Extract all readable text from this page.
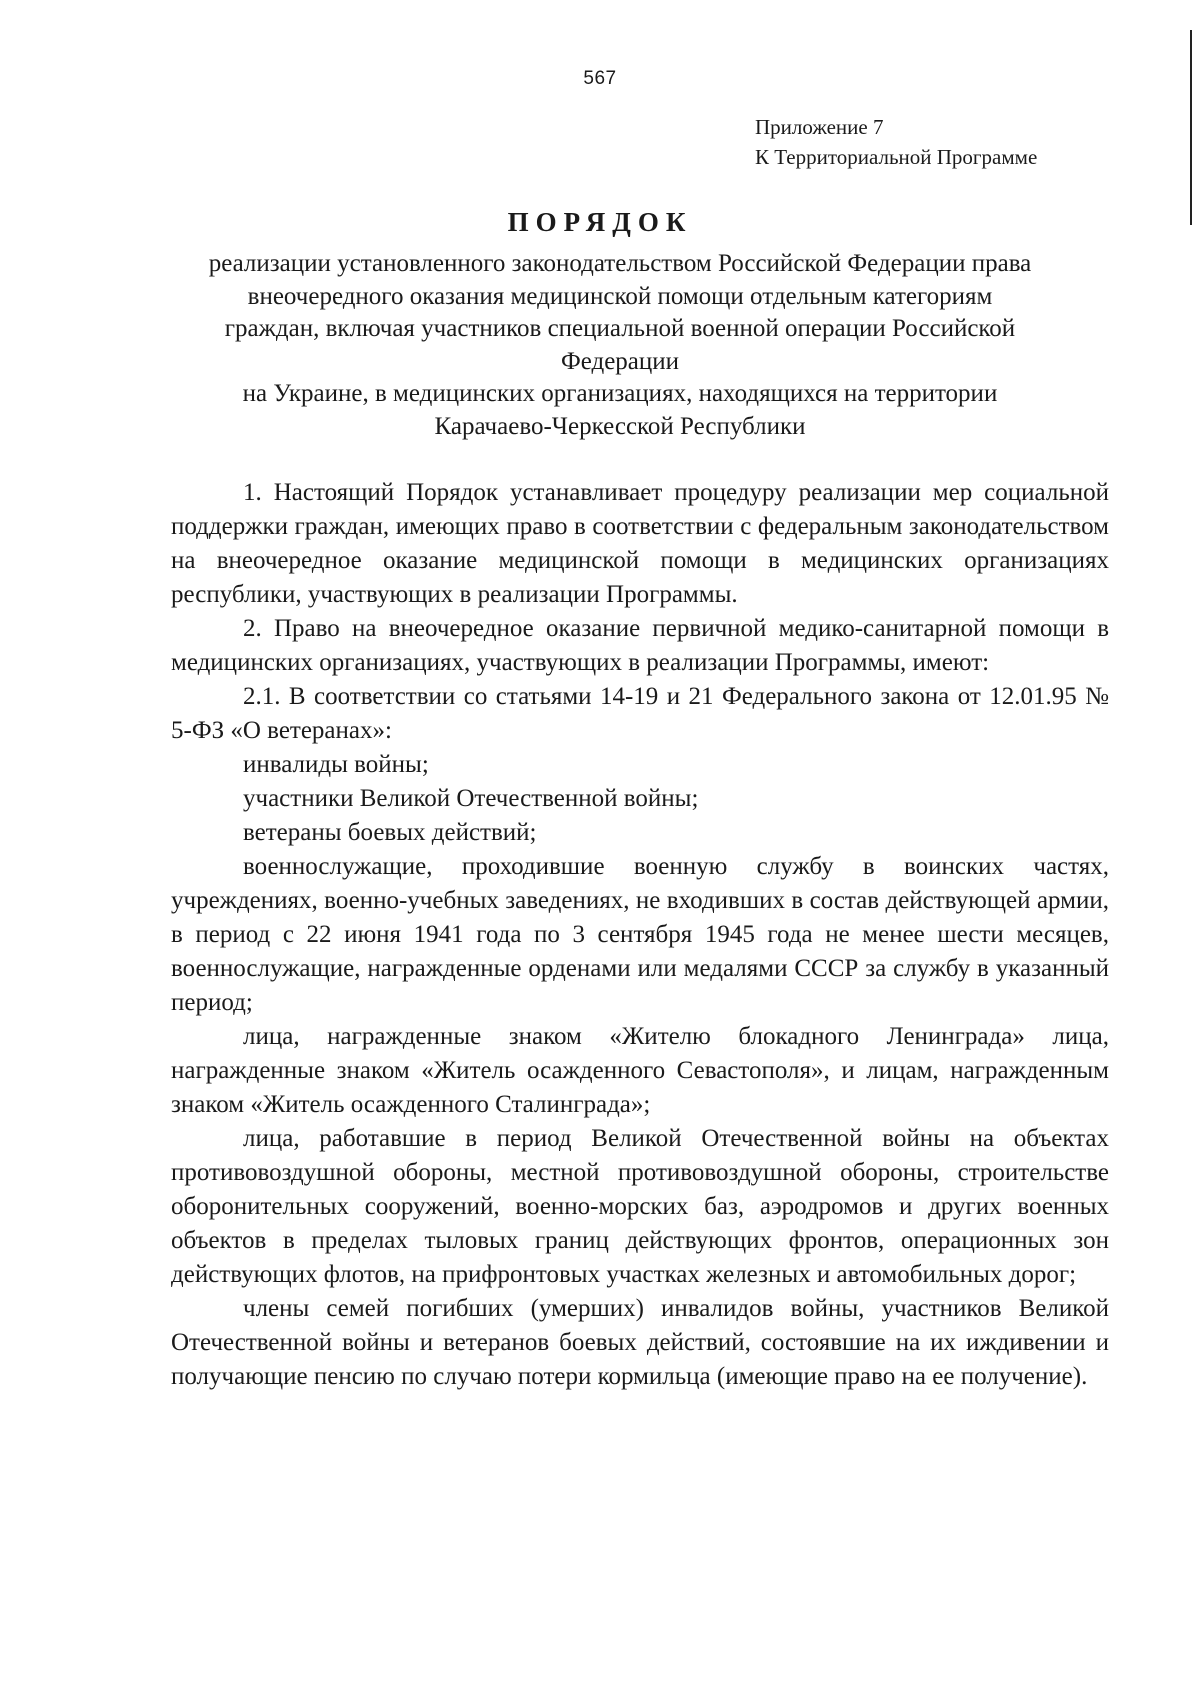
567
Приложение 7
К Территориальной Программе
ПОРЯДОК
реализации установленного законодательством Российской Федерации права
внеочередного оказания медицинской помощи отдельным категориям
граждан, включая участников специальной военной операции Российской
Федерации
на Украине, в медицинских организациях, находящихся на территории
Карачаево-Черкесской Республики

1. Настоящий Порядок устанавливает процедуру реализации мер социальной поддержки граждан, имеющих право в соответствии с федеральным законодательством на внеочередное оказание медицинской помощи в медицинских организациях республики, участвующих в реализации Программы.

2. Право на внеочередное оказание первичной медико-санитарной помощи в медицинских организациях, участвующих в реализации Программы, имеют:

2.1. В соответствии со статьями 14-19 и 21 Федерального закона от 12.01.95 № 5-ФЗ «О ветеранах»:

инвалиды войны;

участники Великой Отечественной войны;

ветераны боевых действий;

военнослужащие, проходившие военную службу в воинских частях, учреждениях, военно-учебных заведениях, не входивших в состав действующей армии, в период с 22 июня 1941 года по 3 сентября 1945 года не менее шести месяцев, военнослужащие, награжденные орденами или медалями СССР за службу в указанный период;

лица, награжденные знаком «Жителю блокадного Ленинграда» лица, награжденные знаком «Житель осажденного Севастополя», и лицам, награжденным знаком «Житель осажденного Сталинграда»;

лица, работавшие в период Великой Отечественной войны на объектах противовоздушной обороны, местной противовоздушной обороны, строительстве оборонительных сооружений, военно-морских баз, аэродромов и других военных объектов в пределах тыловых границ действующих фронтов, операционных зон действующих флотов, на прифронтовых участках железных и автомобильных дорог;

члены семей погибших (умерших) инвалидов войны, участников Великой Отечественной войны и ветеранов боевых действий, состоявшие на их иждивении и получающие пенсию по случаю потери кормильца (имеющие право на ее получение).
